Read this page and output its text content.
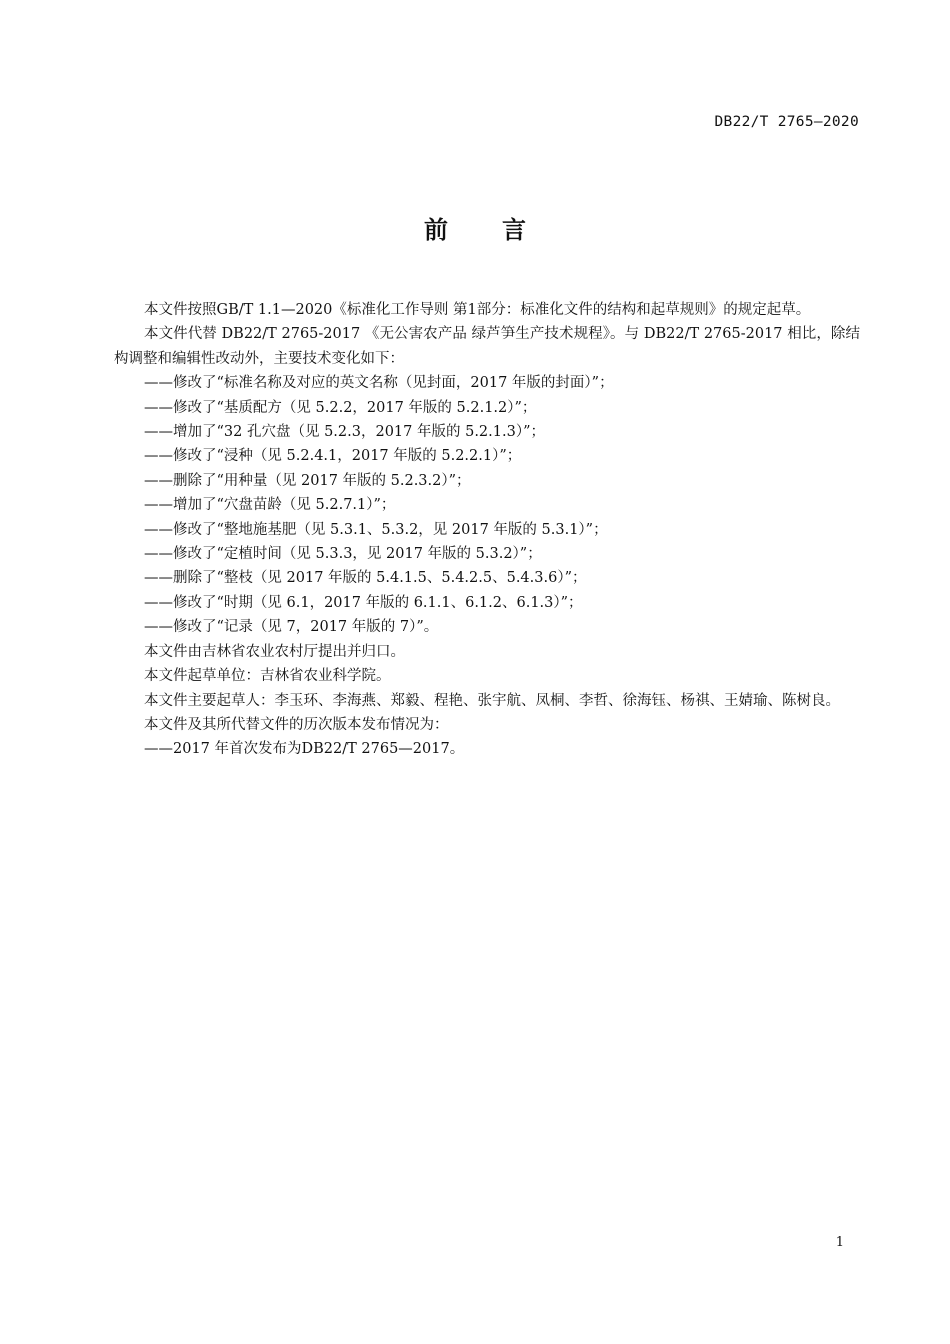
DB22/T 2765—2020
前言

本文件按照GB/T 1.1—2020《标准化工作导则 第1部分：标准化文件的结构和起草规则》的规定起草。

本文件代替 DB22/T 2765-2017 《无公害农产品 绿芦笋生产技术规程》。与 DB22/T 2765-2017 相比，除结构调整和编辑性改动外，主要技术变化如下：

——修改了“标准名称及对应的英文名称（见封面，2017 年版的封面）”；

——修改了“基质配方（见 5.2.2，2017 年版的 5.2.1.2）”；

——增加了“32 孔穴盘（见 5.2.3，2017 年版的 5.2.1.3）”；

——修改了“浸种（见 5.2.4.1，2017 年版的 5.2.2.1）”；

——删除了“用种量（见 2017 年版的 5.2.3.2）”；

——增加了“穴盘苗龄（见 5.2.7.1）”；

——修改了“整地施基肥（见 5.3.1、5.3.2，见 2017 年版的 5.3.1）”；

——修改了“定植时间（见 5.3.3，见 2017 年版的 5.3.2）”；

——删除了“整枝（见 2017 年版的 5.4.1.5、5.4.2.5、5.4.3.6）”；

——修改了“时期（见 6.1，2017 年版的 6.1.1、6.1.2、6.1.3）”；

——修改了“记录（见 7，2017 年版的 7）”。

本文件由吉林省农业农村厅提出并归口。

本文件起草单位：吉林省农业科学院。

本文件主要起草人：李玉环、李海燕、郑毅、程艳、张宇航、凤桐、李哲、徐海钰、杨祺、王婧瑜、陈树良。

本文件及其所代替文件的历次版本发布情况为：

——2017 年首次发布为DB22/T 2765—2017。

1
